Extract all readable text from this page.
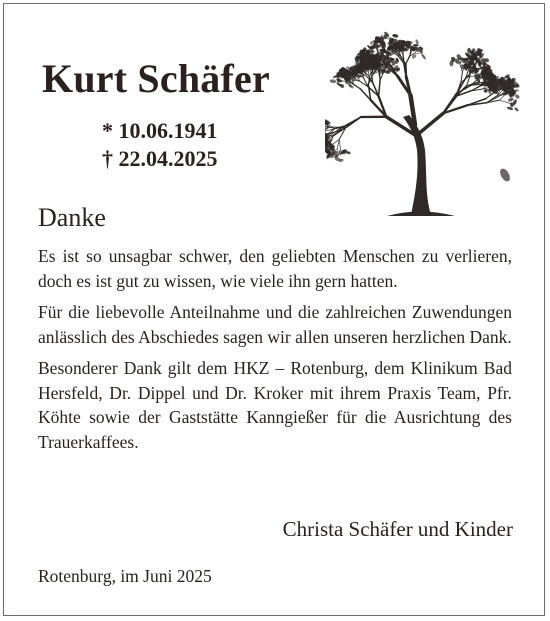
Kurt Schäfer
* 10.06.1941
† 22.04.2025
Danke

Es ist so unsagbar schwer, den geliebten Menschen zu verlieren, doch es ist gut zu wissen, wie viele ihn gern hatten.

Für die liebevolle Anteilnahme und die zahlreichen Zuwendungen anlässlich des Abschiedes sagen wir allen unseren herzlichen Dank.

Besonderer Dank gilt dem HKZ – Rotenburg, dem Klinikum Bad Hersfeld, Dr. Dippel und Dr. Kroker mit ihrem Praxis Team, Pfr. Köhte sowie der Gaststätte Kanngießer für die Ausrichtung des Trauerkaffees.

Christa Schäfer und Kinder
Rotenburg, im Juni 2025
